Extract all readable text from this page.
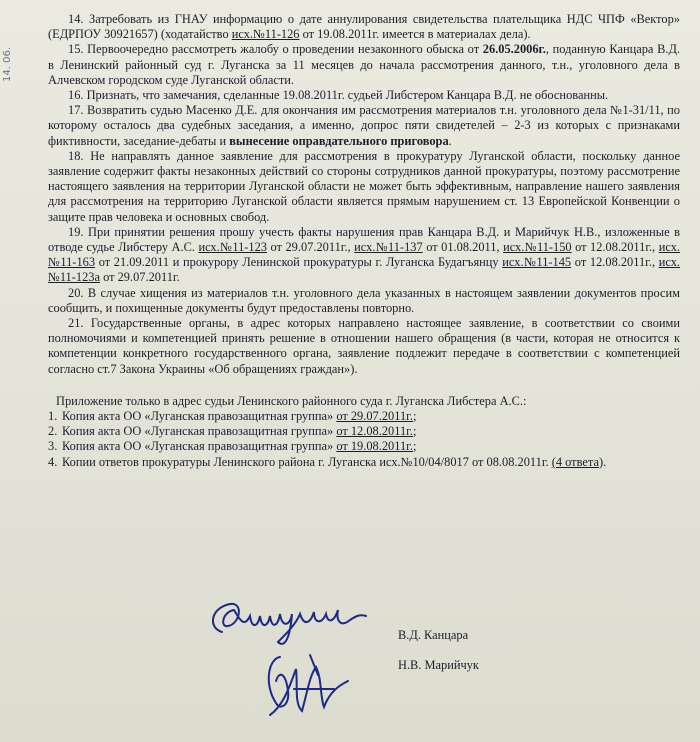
14. 06.
14. Затребовать из ГНАУ информацию о дате аннулирования свидетельства плательщика НДС ЧПФ «Вектор» (ЕДРПОУ 30921657) (ходатайство исх.№11-126 от 19.08.2011г. имеется в материалах дела).
15. Первоочередно рассмотреть жалобу о проведении незаконного обыска от 26.05.2006г., поданную Канцара В.Д. в Ленинский районный суд г. Луганска за 11 месяцев до начала рассмотрения данного, т.н., уголовного дела в Алчевском городском суде Луганской области.
16. Признать, что замечания, сделанные 19.08.2011г. судьей Либстером Канцара В.Д. не обоснованны.
17. Возвратить судью Масенко Д.Е. для окончания им рассмотрения материалов т.н. уголовного дела №1-31/11, по которому осталось два судебных заседания, а именно, допрос пяти свидетелей – 2-3 из которых с признаками фиктивности, заседание-дебаты и вынесение оправдательного приговора.
18. Не направлять данное заявление для рассмотрения в прокуратуру Луганской области, поскольку данное заявление содержит факты незаконных действий со стороны сотрудников данной прокуратуры, поэтому рассмотрение настоящего заявления на территории Луганской области не может быть эффективным, направление нашего заявления для рассмотрения на территорию Луганской области является прямым нарушением ст. 13 Европейской Конвенции о защите прав человека и основных свобод.
19. При принятии решения прошу учесть факты нарушения прав Канцара В.Д. и Марийчук Н.В., изложенные в отводе судье Либстеру А.С. исх.№11-123 от 29.07.2011г., исх.№11-137 от 01.08.2011, исх.№11-150 от 12.08.2011г., исх.№11-163 от 21.09.2011 и прокурору Ленинской прокуратуры г. Луганска Будагъянцу исх.№11-145 от 12.08.2011г., исх.№11-123а от 29.07.2011г.
20. В случае хищения из материалов т.н. уголовного дела указанных в настоящем заявлении документов просим сообщить, и похищенные документы будут предоставлены повторно.
21. Государственные органы, в адрес которых направлено настоящее заявление, в соответствии со своими полномочиями и компетенцией принять решение в отношении нашего обращения (в части, которая не относится к компетенции конкретного государственного органа, заявление подлежит передаче в соответствии с компетенцией согласно ст.7 Закона Украины «Об обращениях граждан»).
Приложение только в адрес судьи Ленинского районного суда г. Луганска Либстера А.С.:
1. Копия акта ОО «Луганская правозащитная группа» от 29.07.2011г.;
2. Копия акта ОО «Луганская правозащитная группа» от 12.08.2011г.;
3. Копия акта ОО «Луганская правозащитная группа» от 19.08.2011г.;
4. Копии ответов прокуратуры Ленинского района г. Луганска исх.№10/04/8017 от 08.08.2011г. (4 ответа).
В.Д. Канцара
Н.В. Марийчук
